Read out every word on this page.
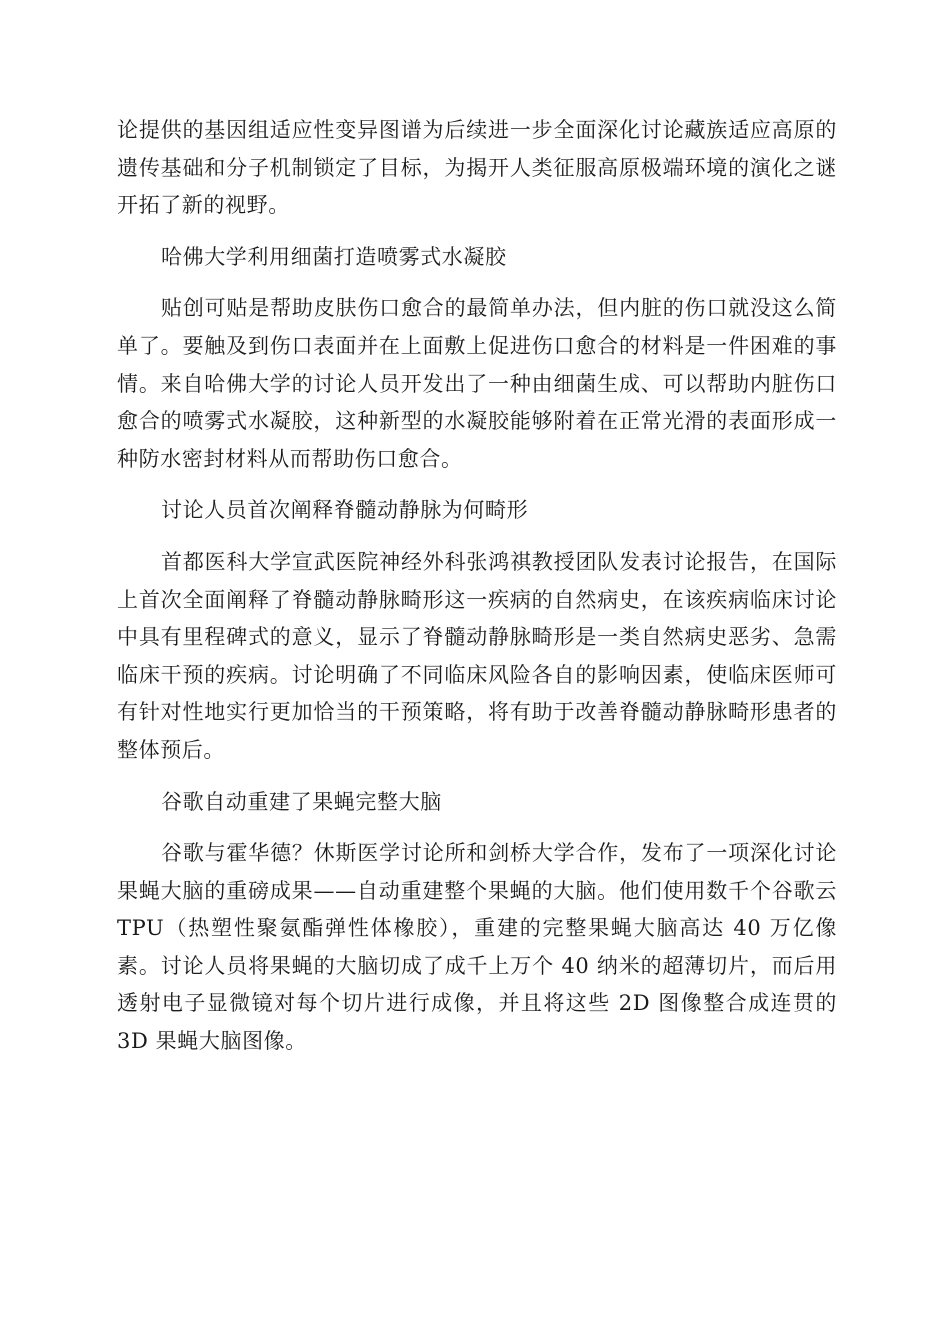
论提供的基因组适应性变异图谱为后续进一步全面深化讨论藏族适应高原的遗传基础和分子机制锁定了目标，为揭开人类征服高原极端环境的演化之谜开拓了新的视野。

哈佛大学利用细菌打造喷雾式水凝胶

贴创可贴是帮助皮肤伤口愈合的最简单办法，但内脏的伤口就没这么简单了。要触及到伤口表面并在上面敷上促进伤口愈合的材料是一件困难的事情。来自哈佛大学的讨论人员开发出了一种由细菌生成、可以帮助内脏伤口愈合的喷雾式水凝胶，这种新型的水凝胶能够附着在正常光滑的表面形成一种防水密封材料从而帮助伤口愈合。

讨论人员首次阐释脊髓动静脉为何畸形

首都医科大学宣武医院神经外科张鸿祺教授团队发表讨论报告，在国际上首次全面阐释了脊髓动静脉畸形这一疾病的自然病史，在该疾病临床讨论中具有里程碑式的意义，显示了脊髓动静脉畸形是一类自然病史恶劣、急需临床干预的疾病。讨论明确了不同临床风险各自的影响因素，使临床医师可有针对性地实行更加恰当的干预策略，将有助于改善脊髓动静脉畸形患者的整体预后。

谷歌自动重建了果蝇完整大脑

谷歌与霍华德？休斯医学讨论所和剑桥大学合作，发布了一项深化讨论果蝇大脑的重磅成果——自动重建整个果蝇的大脑。他们使用数千个谷歌云 TPU（热塑性聚氨酯弹性体橡胶），重建的完整果蝇大脑高达 40 万亿像素。讨论人员将果蝇的大脑切成了成千上万个 40 纳米的超薄切片，而后用透射电子显微镜对每个切片进行成像，并且将这些 2D 图像整合成连贯的 3D 果蝇大脑图像。
